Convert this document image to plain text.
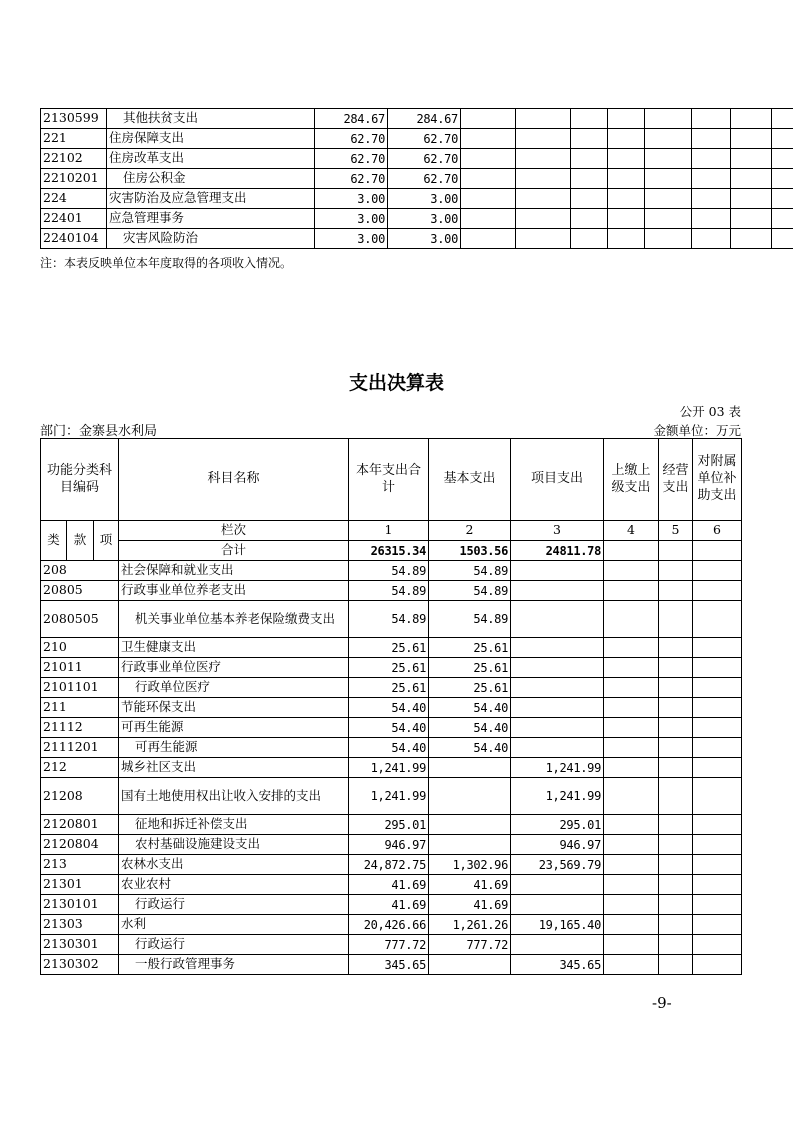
2130599	其他扶贫支出	284.67	284.67								
221	住房保障支出	62.70	62.70								
22102	住房改革支出	62.70	62.70								
2210201	住房公积金	62.70	62.70								
224	灾害防治及应急管理支出	3.00	3.00								
22401	应急管理事务	3.00	3.00								
2240104	灾害风险防治	3.00	3.00								
注：本表反映单位本年度取得的各项收入情况。
支出决算表
公开 03 表
部门：金寨县水利局	金额单位：万元
功能分类科目编码			科目名称	本年支出合计	基本支出	项目支出	上缴上级支出	经营支出	对附属单位补助支出
类	款	项	栏次	1	2	3	4	5	6
			合计	26315.34	1503.56	24811.78			
208			社会保障和就业支出	54.89	54.89				
20805			行政事业单位养老支出	54.89	54.89				
2080505			机关事业单位基本养老保险缴费支出	54.89	54.89				
210			卫生健康支出	25.61	25.61				
21011			行政事业单位医疗	25.61	25.61				
2101101			行政单位医疗	25.61	25.61				
211			节能环保支出	54.40	54.40				
21112			可再生能源	54.40	54.40				
2111201			可再生能源	54.40	54.40				
212			城乡社区支出	1,241.99		1,241.99			
21208			国有土地使用权出让收入安排的支出	1,241.99		1,241.99			
2120801			征地和拆迁补偿支出	295.01		295.01			
2120804			农村基础设施建设支出	946.97		946.97			
213			农林水支出	24,872.75	1,302.96	23,569.79			
21301			农业农村	41.69	41.69				
2130101			行政运行	41.69	41.69				
21303			水利	20,426.66	1,261.26	19,165.40			
2130301			行政运行	777.72	777.72				
2130302			一般行政管理事务	345.65		345.65			
-9-
